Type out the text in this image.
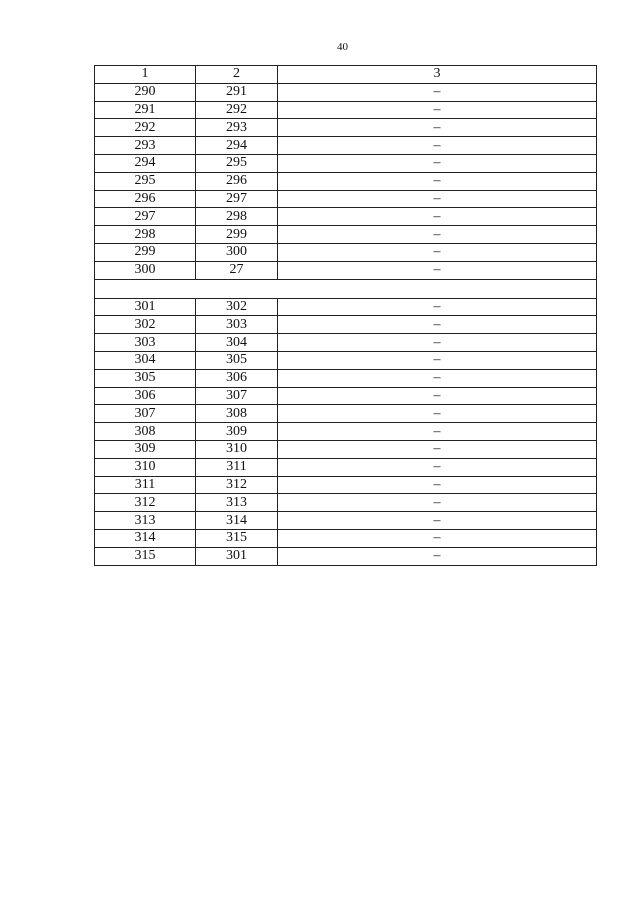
40
1	2	3
290	291	–
291	292	–
292	293	–
293	294	–
294	295	–
295	296	–
296	297	–
297	298	–
298	299	–
299	300	–
300	27	–

301	302	–
302	303	–
303	304	–
304	305	–
305	306	–
306	307	–
307	308	–
308	309	–
309	310	–
310	311	–
311	312	–
312	313	–
313	314	–
314	315	–
315	301	–
